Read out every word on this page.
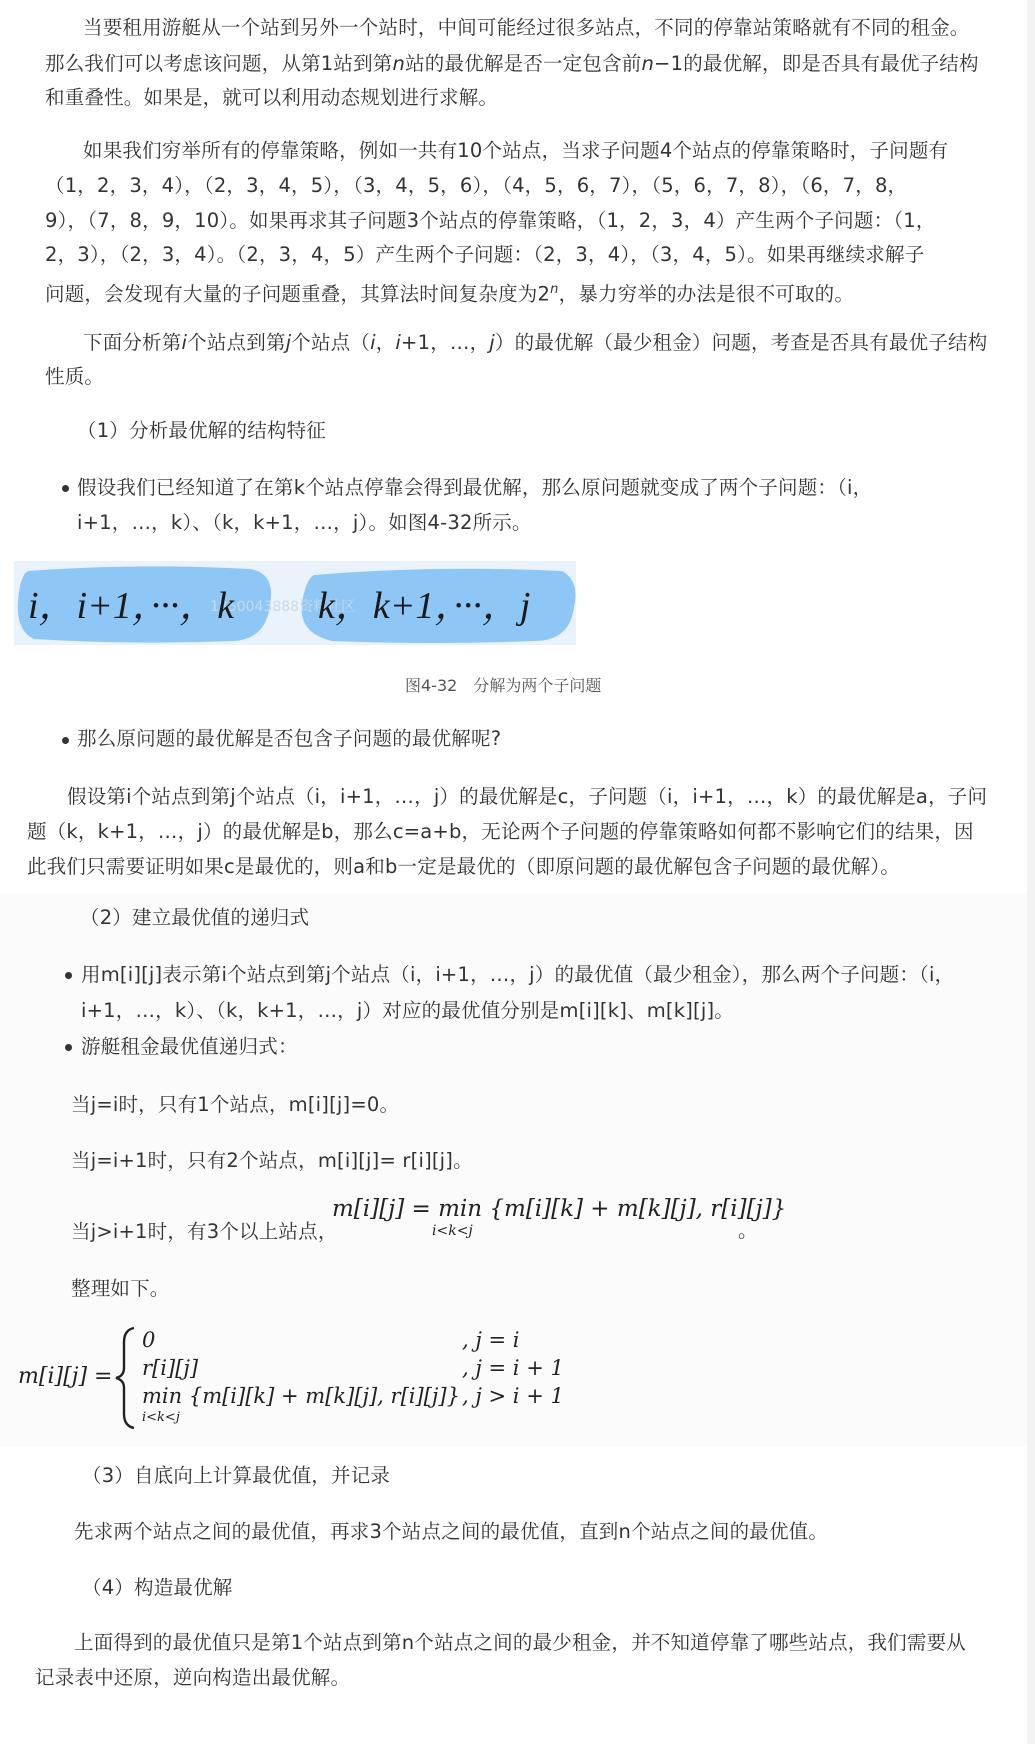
当要租用游艇从一个站到另外一个站时，中间可能经过很多站点，不同的停靠站策略就有不同的租金。
那么我们可以考虑该问题，从第1站到第n站的最优解是否一定包含前n−1的最优解，即是否具有最优子结构
和重叠性。如果是，就可以利用动态规划进行求解。
如果我们穷举所有的停靠策略，例如一共有10个站点，当求子问题4个站点的停靠策略时，子问题有
（1，2，3，4），（2，3，4，5），（3，4，5，6），（4，5，6，7），（5，6，7，8），（6，7，8，
9），（7，8，9，10）。如果再求其子问题3个站点的停靠策略，（1，2，3，4）产生两个子问题：（1，
2，3），（2，3，4）。（2，3，4，5）产生两个子问题：（2，3，4），（3，4，5）。如果再继续求解子
问题，会发现有大量的子问题重叠，其算法时间复杂度为2$^n$，暴力穷举的办法是很不可取的。
下面分析第i个站点到第j个站点（i，i+1，…，j）的最优解（最少租金）问题，考查是否具有最优子结构
性质。
（1）分析最优解的结构特征
假设我们已经知道了在第k个站点停靠会得到最优解，那么原问题就变成了两个子问题：（i，
i+1，…，k）、（k，k+1，…，j）。如图4-32所示。
1850043888资料社区
i，i+1，···，k k，k+1，···，j
图4-32　分解为两个子问题
那么原问题的最优解是否包含子问题的最优解呢?
假设第i个站点到第j个站点（i，i+1，…，j）的最优解是c，子问题（i，i+1，…，k）的最优解是a，子问
题（k，k+1，…，j）的最优解是b，那么c=a+b，无论两个子问题的停靠策略如何都不影响它们的结果，因
此我们只需要证明如果c是最优的，则a和b一定是最优的（即原问题的最优解包含子问题的最优解）。
（2）建立最优值的递归式
用m[i][j]表示第i个站点到第j个站点（i，i+1，…，j）的最优值（最少租金），那么两个子问题：（i，
i+1，…，k）、（k，k+1，…，j）对应的最优值分别是m[i][k]、m[k][j]。
游艇租金最优值递归式：
当j=i时，只有1个站点，m[i][j]=0。
当j=i+1时，只有2个站点，m[i][j]= r[i][j]。
当j>i+1时，有3个以上站点，
m[i][j] = min {m[i][k] + m[k][j], r[i][j]}
i<k<j	。
整理如下。
m[i][j] =
0	, j = i
r[i][j]	, j = i + 1
min {m[i][k] + m[k][j], r[i][j]} , j > i + 1
i<k<j
（3）自底向上计算最优值，并记录
先求两个站点之间的最优值，再求3个站点之间的最优值，直到n个站点之间的最优值。
（4）构造最优解
上面得到的最优值只是第1个站点到第n个站点之间的最少租金，并不知道停靠了哪些站点，我们需要从
记录表中还原，逆向构造出最优解。
